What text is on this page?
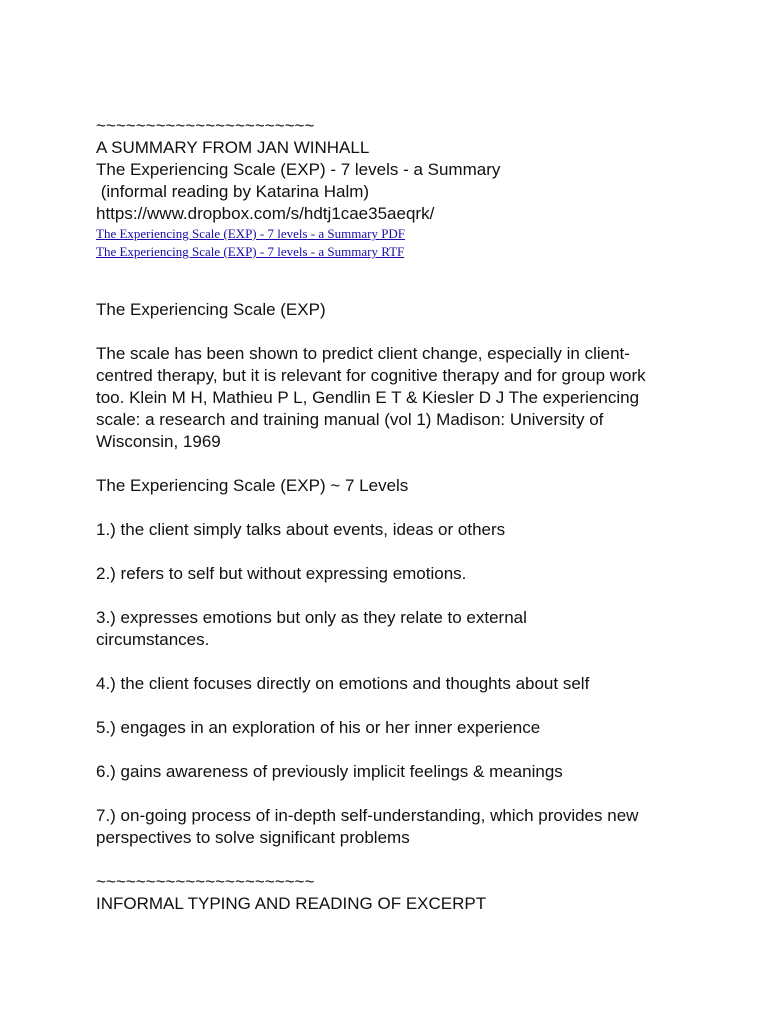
~~~~~~~~~~~~~~~~~~~~~~
A SUMMARY FROM JAN WINHALL
The Experiencing Scale (EXP) - 7 levels - a Summary
(informal reading by Katarina Halm)
https://www.dropbox.com/s/hdtj1cae35aeqrk/
The Experiencing Scale (EXP) - 7 levels - a Summary PDF
The Experiencing Scale (EXP) - 7 levels - a Summary RTF
The Experiencing Scale (EXP)

The scale has been shown to predict client change, especially in client-centred therapy, but it is relevant for cognitive therapy and for group work too. Klein M H, Mathieu P L, Gendlin E T & Kiesler D J The experiencing scale: a research and training manual (vol 1) Madison: University of Wisconsin, 1969

The Experiencing Scale (EXP) ~ 7 Levels
1.) the client simply talks about events, ideas or others
2.) refers to self but without expressing emotions.
3.) expresses emotions but only as they relate to external circumstances.
4.) the client focuses directly on emotions and thoughts about self
5.) engages in an exploration of his or her inner experience
6.) gains awareness of previously implicit feelings & meanings
7.) on-going process of in-depth self-understanding, which provides new perspectives to solve significant problems
~~~~~~~~~~~~~~~~~~~~~~
INFORMAL TYPING AND READING OF EXCERPT
